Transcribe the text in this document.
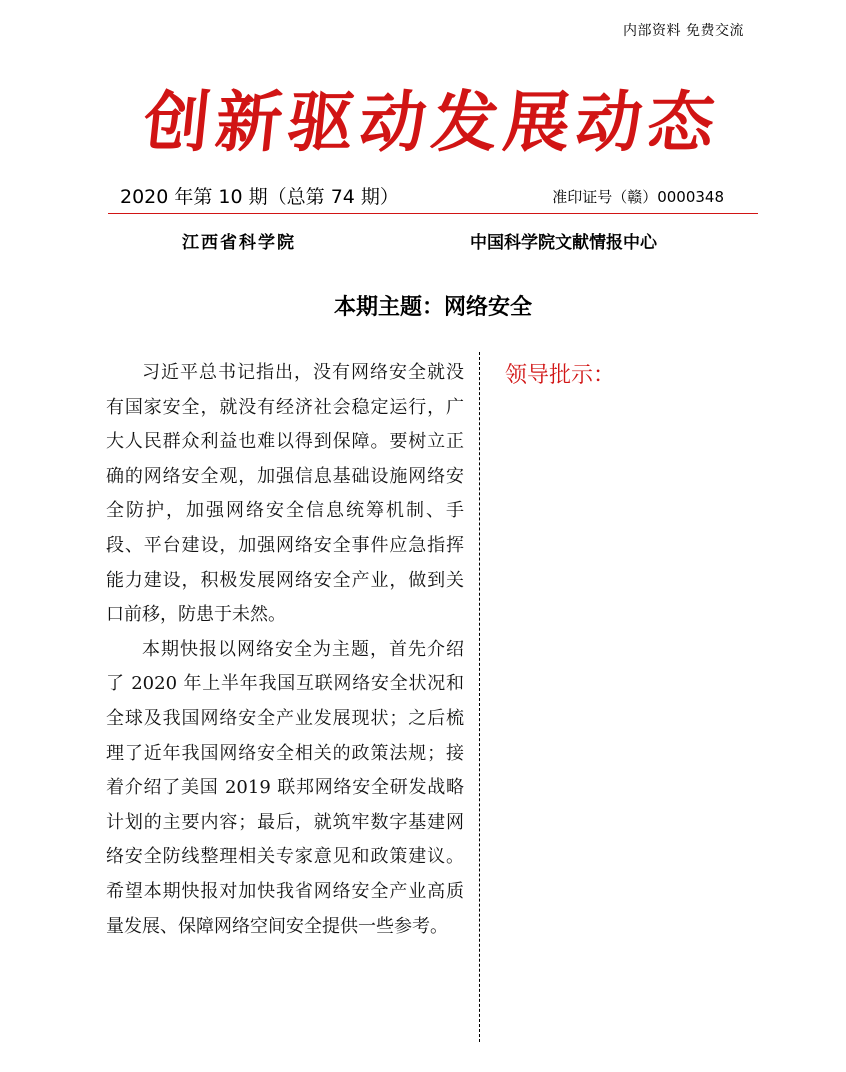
内部资料 免费交流
创新驱动发展动态
2020 年第 10 期（总第 74 期）	准印证号（赣）0000348
江西省科学院	中国科学院文献情报中心
本期主题：网络安全

习近平总书记指出，没有网络安全就没有国家安全，就没有经济社会稳定运行，广大人民群众利益也难以得到保障。要树立正确的网络安全观，加强信息基础设施网络安全防护，加强网络安全信息统筹机制、手段、平台建设，加强网络安全事件应急指挥能力建设，积极发展网络安全产业，做到关口前移，防患于未然。

本期快报以网络安全为主题，首先介绍了 2020 年上半年我国互联网络安全状况和全球及我国网络安全产业发展现状；之后梳理了近年我国网络安全相关的政策法规；接着介绍了美国 2019 联邦网络安全研发战略计划的主要内容；最后，就筑牢数字基建网络安全防线整理相关专家意见和政策建议。希望本期快报对加快我省网络安全产业高质量发展、保障网络空间安全提供一些参考。

领导批示：
